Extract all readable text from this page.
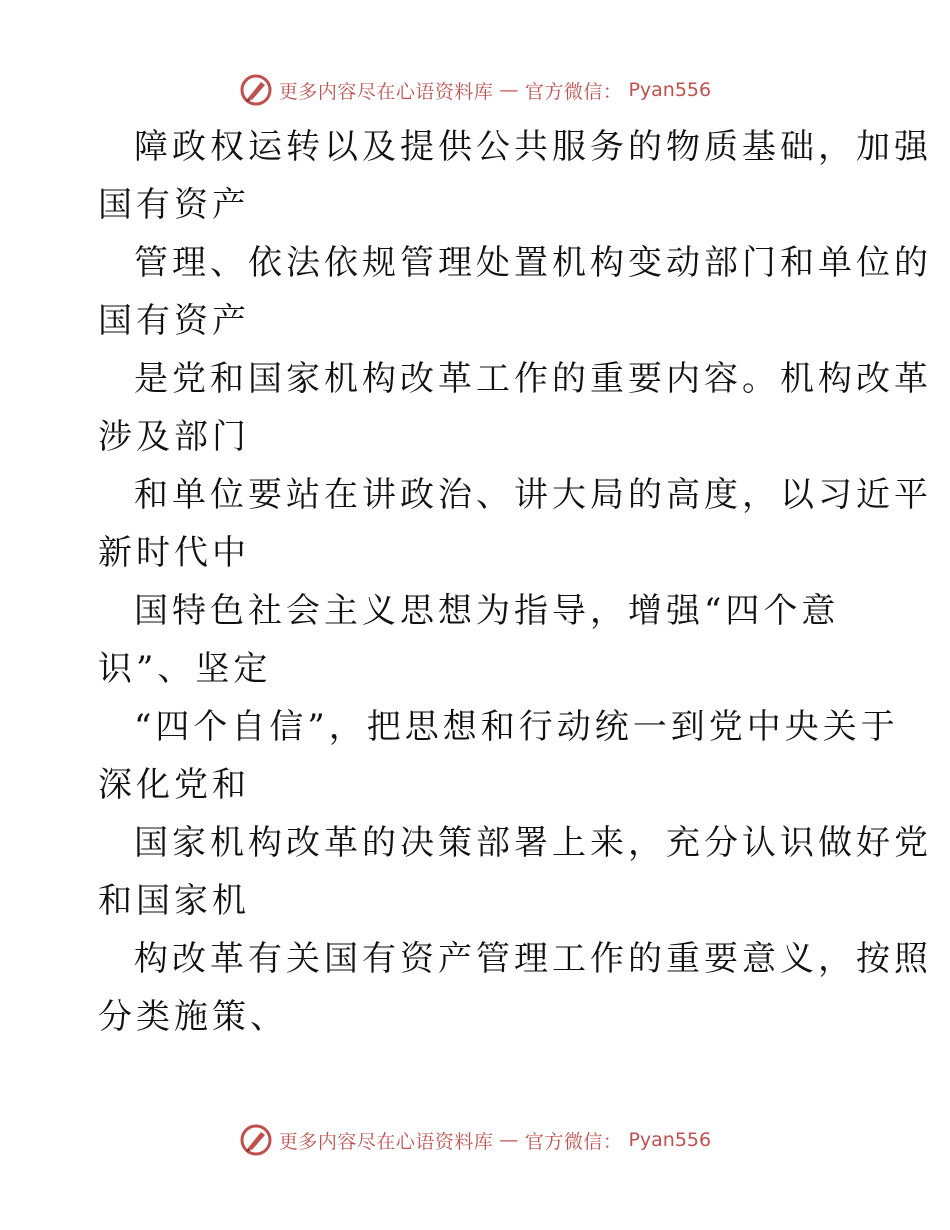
更多内容尽在心语资料库 — 官方微信： Pyan556
障政权运转以及提供公共服务的物质基础，加强
国有资产
管理、依法依规管理处置机构变动部门和单位的
国有资产
是党和国家机构改革工作的重要内容。机构改革
涉及部门
和单位要站在讲政治、讲大局的高度，以习近平
新时代中
国特色社会主义思想为指导，增强“四个意
识”、坚定
“四个自信”，把思想和行动统一到党中央关于
深化党和
国家机构改革的决策部署上来，充分认识做好党
和国家机
构改革有关国有资产管理工作的重要意义，按照
分类施策、
更多内容尽在心语资料库 — 官方微信： Pyan556
